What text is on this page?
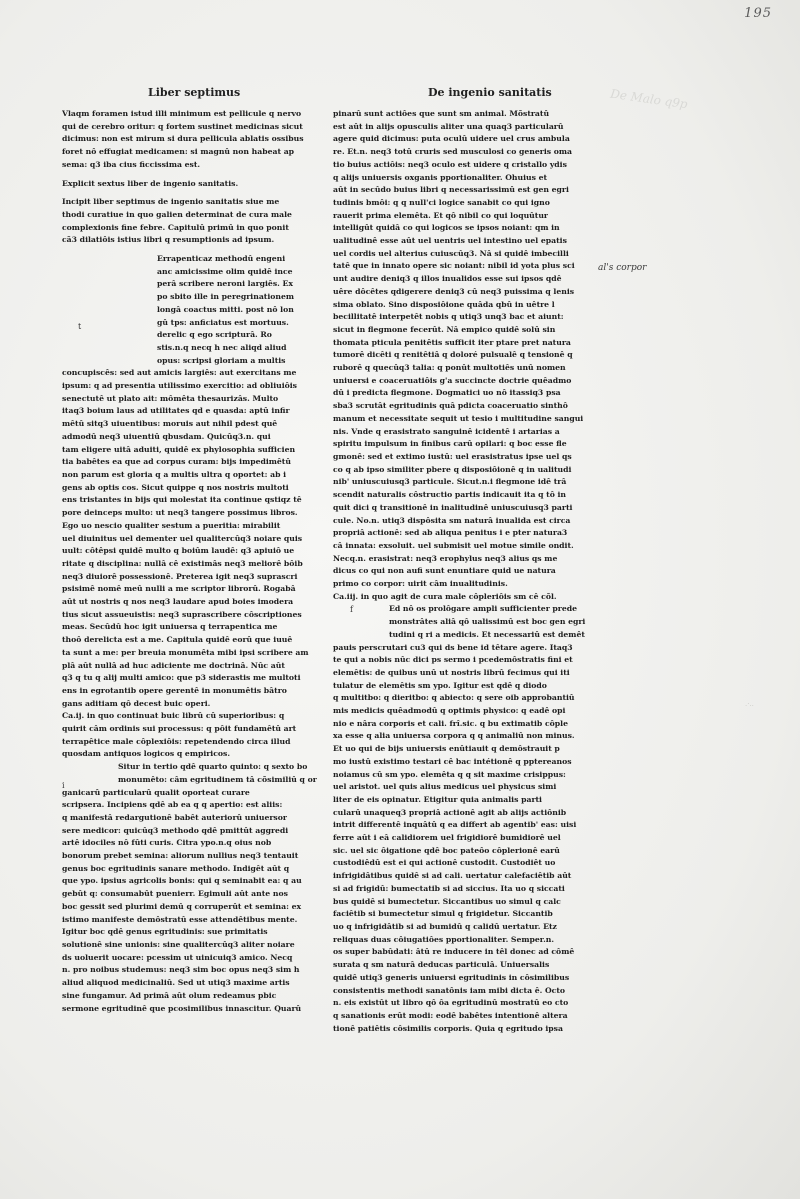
195
De Malo q9p
.·..
Liber septimus	De ingenio sanitatis
Vlaqm foramen istud illi minimum est pellicule q nervo
qui de cerebro oritur: q fortem sustinet medicinas sicut
dicimus: non est mirum si dura pellicula ablatis ossibus
foret nô effugiat medicamen: si magnû non habeat ap
sema: q3 iba cius ficcissima est.
Explicit sextus liber de ingenio sanitatis.
Incipit liber septimus de ingenio sanitatis siue me
thodi curatiue in quo galien determinat de cura male
complexionis fine febre. Capitulû primû in quo ponit
cã3 dilatiôis istius libri q resumptionis ad ipsum.
Errapenticaz methodû engeni
anc amicissime olim quidê ince
perâ scribere neroni largiês. Ex
po sbito ille in peregrinationem
longâ coactus mitti. post nô lon
gû tps: anficiatus est mortuus.
derelic q ego scripturâ. Ro
stis.n.q necq h nec aliqd aliud
opus: scripsi gloriam a multis
concupiscês: sed aut amicis largiês: aut exercitans me
ipsum: q ad presentia utilissimo exercitio: ad obliuiôis
senectutê ut plato ait: mômêta thesaurizâs. Multo
itaq3 boium laus ad utilitates qd e quasda: aptû infir
mêtû sitq3 uiuentibus: moruis aut nihil pdest quê
admodû neq3 uiuentiû qbusdam. Quicûq3.n. qui
tam eligere uitâ aduiti, quidê ex phylosophia sufficien
tia babêtes ea que ad corpus curam: bijs impedimêtû
non parum est gloria q a multis ultra q oportet: ab i
gens ab optis cos. Sicut quippe q nos nostris multoti
ens tristantes in bijs qui molestat ita continue qstiqz tê
pore deinceps multo: ut neq3 tangere possimus libros.
Ego uo nescio qualiter sestum a pueritia: mirabilit
uel diuinitus uel dementer uel qualitercûq3 noiare quis
uult: côtêpsi quidê multo q boiûm laudê: q3 apiuiô ue
ritate q disciplina: nullâ cê existimâs neq3 meliorê bôib
neq3 diuiorê possessionê. Preterea igit neq3 suprascri
psisimê nomê meû nulli a me scriptor librorû. Rogabâ
aût ut nostris q nos neq3 laudare apud boies imodera
tius sicut assueuistis: neq3 suprascribere côscriptiones
meas. Secûdû hoc igit uniuersa q terrapentica me
thoô derelicta est a me. Capitula quidê eorû que iuuê
ta sunt a me: per breuia monumêta mibi ipsi scribere am
plâ aût nullâ ad huc adiciente me doctrinâ. Nûc aût
q3 q tu q alij multi amico: que p3 siderastis me multoti
ens in egrotantib opere gerentê in monumêtis bâtro
gans aditiam qô decest buic operi.
Ca.ij. in quo continuat buic librû cû superioribus: q
quirit câm ordinis sui processus: q pôit fundamêtû art
terrapêtice male côplexiôis: repetendendo circa illud
quosdam antiquos logicos q empiricos.
Situr in tertio qdê quarto quinto: q sexto bo
monumêto: câm egritudinem tâ cõsimiliû q or
ganicarû particularû qualit oporteat curare
scripsera. Incipiens qdê ab ea q q apertio: est aliis:
q manifestâ redargutionê babêt auteriorû uniuersor
sere medicor: quicûq3 methodo qdê pmittût aggredi
artê idociles nô fûti curis. Citra ypo.n.q oius nob
bonorum prebet semina: aliorum nullius neq3 tentauit
genus boc egritudinis sanare methodo. Indigêt aût q
que ypo. ipsius agricolis bonis: qui q seminabit ea: q au
gebût q: consumabût puenierr. Egimuli aût ante nos
boc gessit sed plurimi demû q corruperût et semina: ex
istimo manifeste demôstratû esse attendêtibus mente.
Igitur boc qdê genus egritudinis: sue primitatis
solutionê sine unionis: sine qualitercûq3 aliter noiare
ds uoluerit uocare: pcessim ut uinicuiq3 amico. Necq
n. pro noibus studemus: neq3 sim boc opus neq3 sim h
aliud aliquod medicinaliû. Sed ut utiq3 maxime artis
sine fungamur. Ad primâ aût olum redeamus pbic
sermone egritudinê que pcosimilibus innascitur. Quarû
pinarû sunt actiôes que sunt sm animal. Mõstratû
est aût in alijs opusculis aliter una quaq3 particularû
agere quid dicimus: puta oculû uidere uel crus ambula
re. Et.n. neq3 totû cruris sed musculosi co generis oma
tio buius actiôis: neq3 oculo est uidere q cristallo ydis
q alijs uniuersis oxganis pportionaliter. Ohuius et
aût in secûdo buius libri q necessarissimû est gen egri
tudinis bmôi: q q null'ci logice sanabit co qui igno
rauerit prima elemêta. Et qô nibil co qui loquûtur
intelligût quidâ co qui logicos se ipsos noiant: qm in
ualitudinê esse aût uel uentris uel intestino uel epatis
uel cordis uel alterius cuiuscûq3. Nâ si quidê imbecilli
tatê que in innato opere sic noiant: nibil id yota plus sci
unt audire deniq3 q illos inualidos esse sui ipsos qdê
uêre dôcêtes qdigerere deniq3 cû neq3 puissima q lenis
sima oblato. Sino disposiôione quâda qbû in uêtre l
becillitatê interpetêt nobis q utiq3 unq3 bac et aiunt:
sicut in flegmone fecerût. Nâ empico quidê solû sin
thomata pticula penitêtis sufficit iter ptare pret natura
tumorê dicêti q renitêtiâ q doloré pulsualê q tensionê q
ruborê q quecûq3 talia: q ponût multotiês unû nomen
uniuersi e coaceruatiôis g'a succincte doctrie quêadmo
dû i predicta flegmone. Dogmatici uo nô itassiq3 psa
sba3 scrutât egritudinis quâ pdicta coaceruatio sinthô
manum et necessitate sequit ut tesio i multitudine sangui
nis. Vnde q erasistrato sanguinê icidentê i artarias a
spiritu impulsum in finibus carû opilari: q boc esse fle
gmonê: sed et extimo iustû: uel erasistratus ipse uel qs
co q ab ipso similiter pbere q disposiôionê q in ualitudi
nib' uniuscuiusq3 particule. Sicut.n.i flegmone idê trâ
scendit naturalis côstructio partis indicauit ita q tô in
quit dici q transitionê in inalitudinê uniuscuiusq3 parti
cule. No.n. utiq3 dispôsita sm naturâ inualida est circa
propriâ actionê: sed ab aliqua penitus i e pter natura3
câ innata: exsoluit. uel submisit uel motue simile ondit.
Necq.n. erasistrat: neq3 erophylus neq3 alius qs me
dicus co qui non aufi sunt enuntiare quid ue natura
primo co corpor: uirit câm inualitudinis.
Ca.iij. in quo agit de cura male côpleriôis sm cê cõl.
Ed nô os prolôgare ampli sufficienter prede
monstrâtes aliâ qô ualissimû est boc gen egri
tudini q ri a medicis. Et necessariû est demêt
pauis perscrutari cu3 qui ds bene id têtare agere. Itaq3
te qui a nobis nûc dici ps sermo i pcedemôstratis fini et
elemêtis: de quibus unû ut nostris librû fecimus qui iti
tulatur de elemêtis sm ypo. Igitur est qdê q diodo
q multitbo: q dieritbo: q abiecto: q sere oib approbantiû
mis medicis quêadmodû q optimis physico: q eadê opi
nio e nâra corporis et cali. frî.sic. q bu extimatib côple
xa esse q alia uniuersa corpora q q animaliû non minus.
Et uo qui de bijs uniuersis enûtiauit q demôstrauit p
mo iustû existimo testari cê bac intétionê q pptereanos
noiamus cû sm ypo. elemêta q q sit maxime crisippus:
uel aristot. uel quis alius medicus uel physicus simi
liter de eis opinatur. Etigitur quia animalis parti
cularû unaqueq3 propriâ actionê agit ab alijs actiônib
intrit differentê inquâtû q ea differt ab agentib' eas: uisi
ferre aût i eâ calidiorem uel frigidiorê bumidiorê uel
sic. uel sic ôigatione qdê boc pateôo côplerionê earû
custodiêdû est ei qui actionê custodit. Custodiêt uo
infrigidâtibus quidê si ad cali. uertatur calefaciêtib aût
si ad frigidû: bumectatib si ad siccius. Ita uo q siccati
bus quidê si bumectetur. Siccantibus uo simul q calc
faciêtib si bumectetur simul q frigidetur. Siccantib
uo q infrigidâtib si ad bumidû q calidû uertatur. Etz
reliquas duas côiugatiôes pportionaliter. Semper.n.
os super babûdati: âtû re inducere in têl donec ad cômê
surata q sm naturâ deducas particulâ. Uniuersalis
quidê utiq3 generis uniuersi egritudinis in côsimilibus
consistentis methodi sanatônis iam mibi dicta ê. Octo
n. eis existût ut libro qô ôa egritudinû mostratû eo cto
q sanationis erût modi: eodê babêtes intentionê altera
tionê patiêtis côsimilis corporis. Quia q egritudo ipsa
al's corpor
t
i
f
